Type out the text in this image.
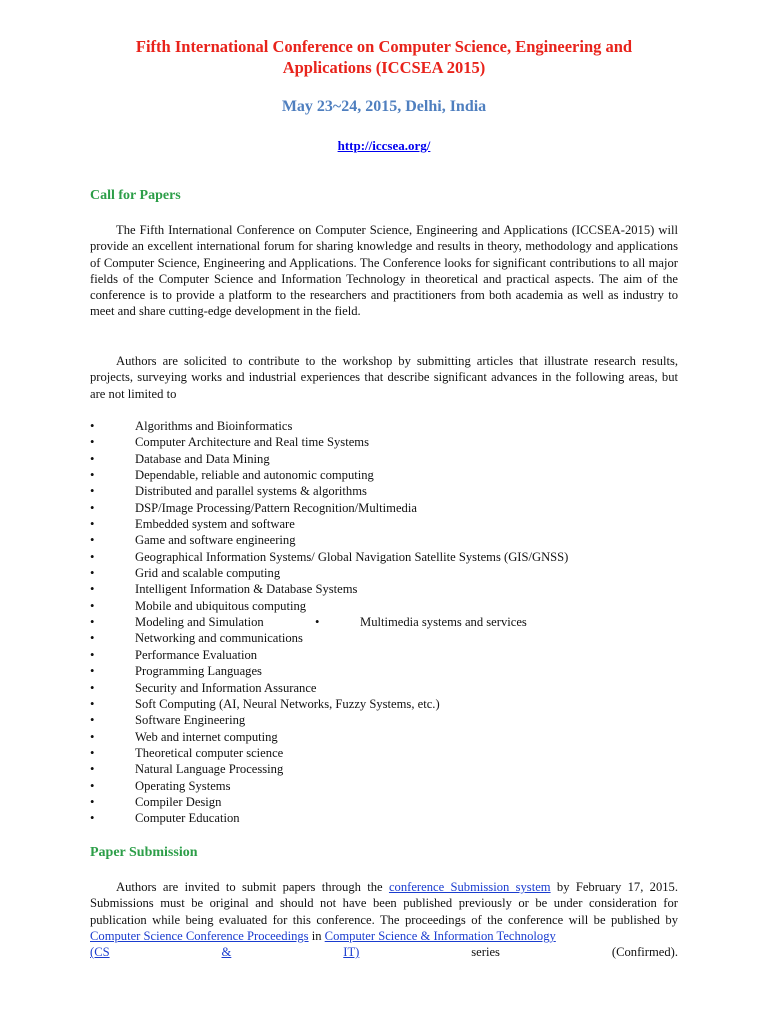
Fifth International Conference on Computer Science, Engineering and Applications (ICCSEA 2015)
May 23~24, 2015, Delhi, India
http://iccsea.org/
Call for Papers

The Fifth International Conference on Computer Science, Engineering and Applications (ICCSEA-2015) will provide an excellent international forum for sharing knowledge and results in theory, methodology and applications of Computer Science, Engineering and Applications. The Conference looks for significant contributions to all major fields of the Computer Science and Information Technology in theoretical and practical aspects. The aim of the conference is to provide a platform to the researchers and practitioners from both academia as well as industry to meet and share cutting-edge development in the field.

Authors are solicited to contribute to the workshop by submitting articles that illustrate research results, projects, surveying works and industrial experiences that describe significant advances in the following areas, but are not limited to

•	Algorithms and Bioinformatics
•	Computer Architecture and Real time Systems
•	Database and Data Mining
•	Dependable, reliable and autonomic computing
•	Distributed and parallel systems & algorithms
•	DSP/Image Processing/Pattern Recognition/Multimedia
•	Embedded system and software
•	Game and software engineering
•	Geographical Information Systems/ Global Navigation Satellite Systems (GIS/GNSS)
•	Grid and scalable computing
•	Intelligent Information & Database Systems
•	Mobile and ubiquitous computing
•	Modeling and Simulation	•	Multimedia systems and services
•	Networking and communications
•	Performance Evaluation
•	Programming Languages
•	Security and Information Assurance
•	Soft Computing (AI, Neural Networks, Fuzzy Systems, etc.)
•	Software Engineering
•	Web and internet computing
•	Theoretical computer science
•	Natural Language Processing
•	Operating Systems
•	Compiler Design
•	Computer Education
Paper Submission

Authors are invited to submit papers through the conference Submission system by February 17, 2015. Submissions must be original and should not have been published previously or be under consideration for publication while being evaluated for this conference. The proceedings of the conference will be published by Computer Science Conference Proceedings in Computer Science & Information Technology
(CS	&	IT)	series	(Confirmed).
